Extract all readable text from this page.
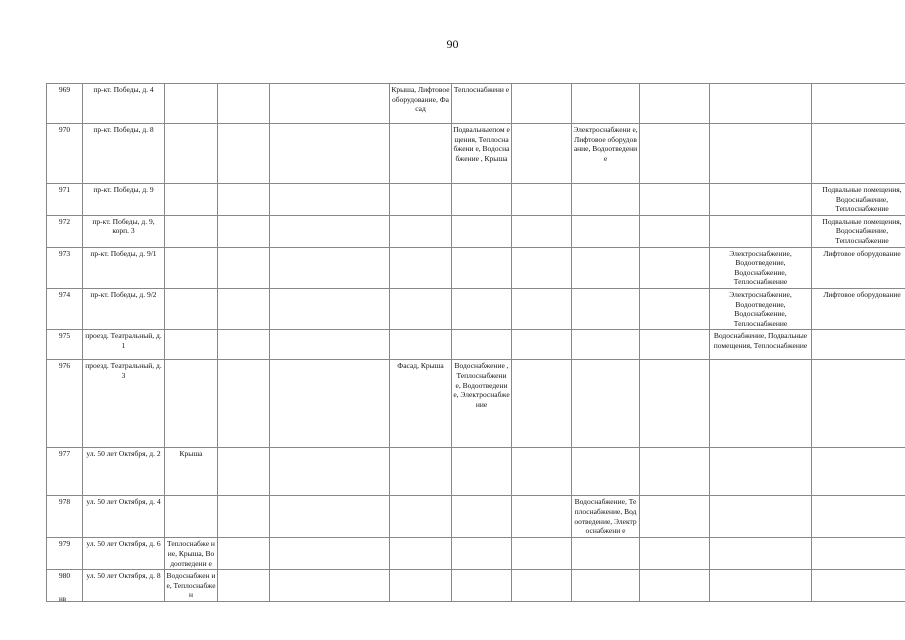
90
969	пр-кт. Победы, д. 4				Крыша, Лифтовое оборудование, Фасад	Теплоснабжени е					
970	пр-кт. Победы, д. 8					Подвальныепом ещения, Теплоснабжени е, Водоснабжение , Крыша		Электроснабжени е, Лифтовое оборудование, Водоотведение			
971	пр-кт. Победы, д. 9										Подвальные помещения, Водоснабжение, Теплоснабжение
972	пр-кт. Победы, д. 9, корп. 3										Подвальные помещения, Водоснабжение, Теплоснабжение
973	пр-кт. Победы, д. 9/1									Электроснабжение, Водоотведение, Водоснабжение, Теплоснабжение	Лифтовое оборудование
974	пр-кт. Победы, д. 9/2									Электроснабжение, Водоотведение, Водоснабжение, Теплоснабжение	Лифтовое оборудование
975	проезд. Театральный, д. 1									Водоснабжение, Подвальные помещения, Теплоснабжение	
976	проезд. Театральный, д. 3				Фасад, Крыша	Водоснабжение , Теплоснабжени е, Водоотведение, Электроснабже ние					
977	ул. 50 лет Октября, д. 2	Крыша									
978	ул. 50 лет Октября, д. 4							Водоснабжение, Теплоснабжение, Водоотведение, Электроснабжени е			
979	ул. 50 лет Октября, д. 6	Теплоснабже ние, Крыша, Водоотведени е									
980	ул. 50 лет Октября, д. 8	Водоснабжен ие, Теплоснабжен									
нв
